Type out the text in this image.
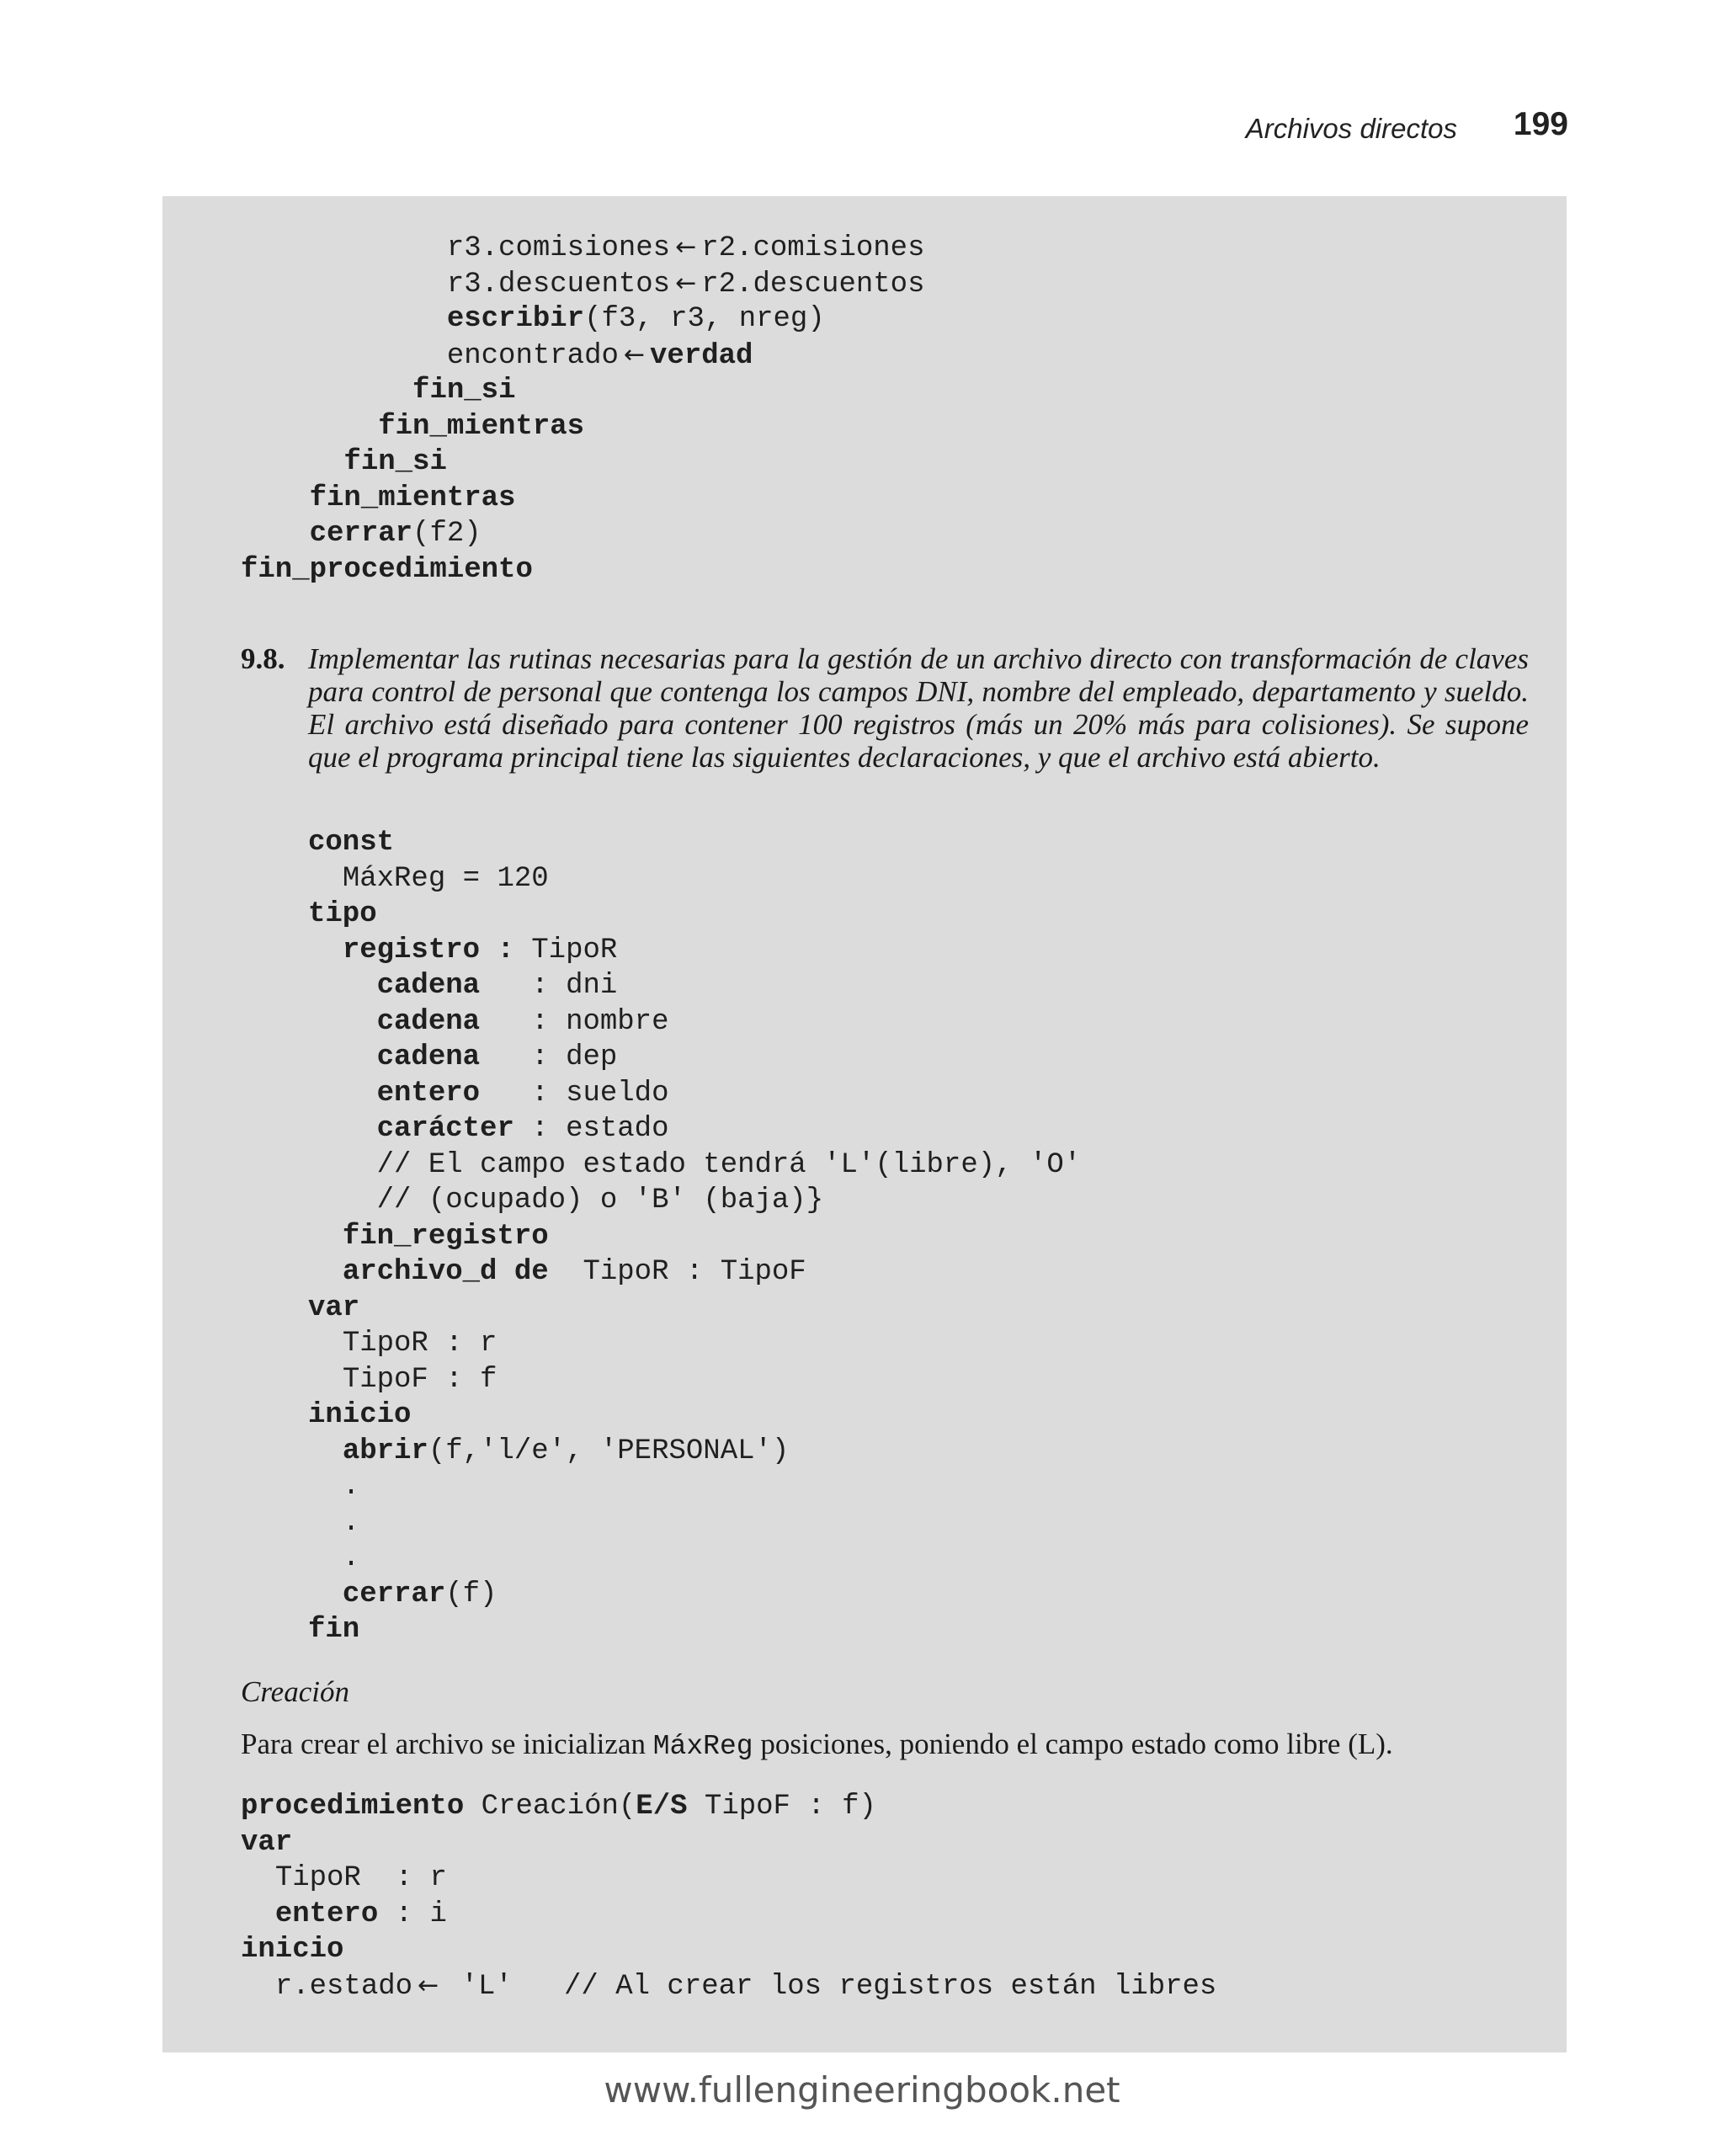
Archivos directos 199
r3.comisiones ← r2.comisiones
r3.descuentos ← r2.descuentos
escribir(f3, r3, nreg)
encontrado ← verdad
fin_si
fin_mientras
fin_si
fin_mientras
cerrar(f2)
fin_procedimiento
9.8. Implementar las rutinas necesarias para la gestión de un archivo directo con transformación de claves para control de personal que contenga los campos DNI, nombre del empleado, departamento y sueldo. El archivo está diseñado para contener 100 registros (más un 20% más para colisiones). Se supone que el programa principal tiene las siguientes declaraciones, y que el archivo está abierto.
const
MáxReg = 120
tipo
registro : TipoR
cadena   : dni
cadena   : nombre
cadena   : dep
entero   : sueldo
carácter : estado
// El campo estado tendrá 'L'(libre), 'O'
// (ocupado) o 'B' (baja)}
fin_registro
archivo_d de  TipoR : TipoF
var
TipoR : r
TipoF : f
inicio
abrir(f,'l/e', 'PERSONAL')
.
.
.
cerrar(f)
fin
Creación
Para crear el archivo se inicializan MáxReg posiciones, poniendo el campo estado como libre (L).
procedimiento Creación(E/S TipoF : f)
var
TipoR  : r
entero : i
inicio
r.estado ← 'L'   // Al crear los registros están libres
www.fullengineeringbook.net
